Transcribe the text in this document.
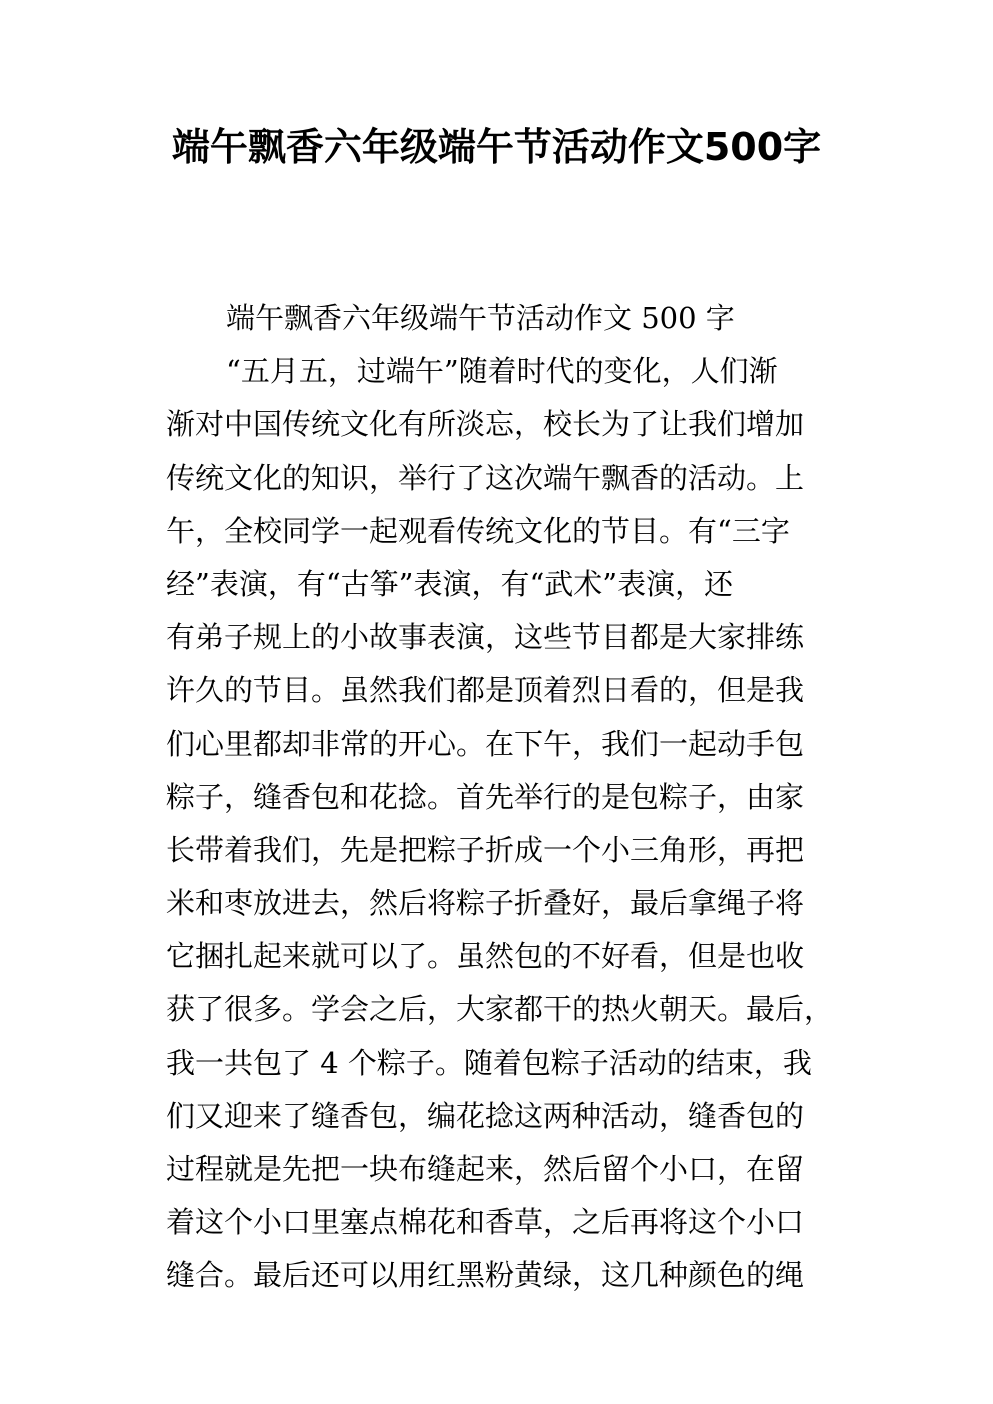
端午飘香六年级端午节活动作文500字
端午飘香六年级端午节活动作文 500 字
“五月五，过端午”随着时代的变化，人们渐
渐对中国传统文化有所淡忘，校长为了让我们增加
传统文化的知识，举行了这次端午飘香的活动。上
午，全校同学一起观看传统文化的节目。有“三字
经”表演，有“古筝”表演，有“武术”表演，还
有弟子规上的小故事表演，这些节目都是大家排练
许久的节目。虽然我们都是顶着烈日看的，但是我
们心里都却非常的开心。在下午，我们一起动手包
粽子，缝香包和花捻。首先举行的是包粽子，由家
长带着我们，先是把粽子折成一个小三角形，再把
米和枣放进去，然后将粽子折叠好，最后拿绳子将
它捆扎起来就可以了。虽然包的不好看，但是也收
获了很多。学会之后，大家都干的热火朝天。最后，
我一共包了 4 个粽子。随着包粽子活动的结束，我
们又迎来了缝香包，编花捻这两种活动，缝香包的
过程就是先把一块布缝起来，然后留个小口，在留
着这个小口里塞点棉花和香草，之后再将这个小口
缝合。最后还可以用红黑粉黄绿，这几种颜色的绳
